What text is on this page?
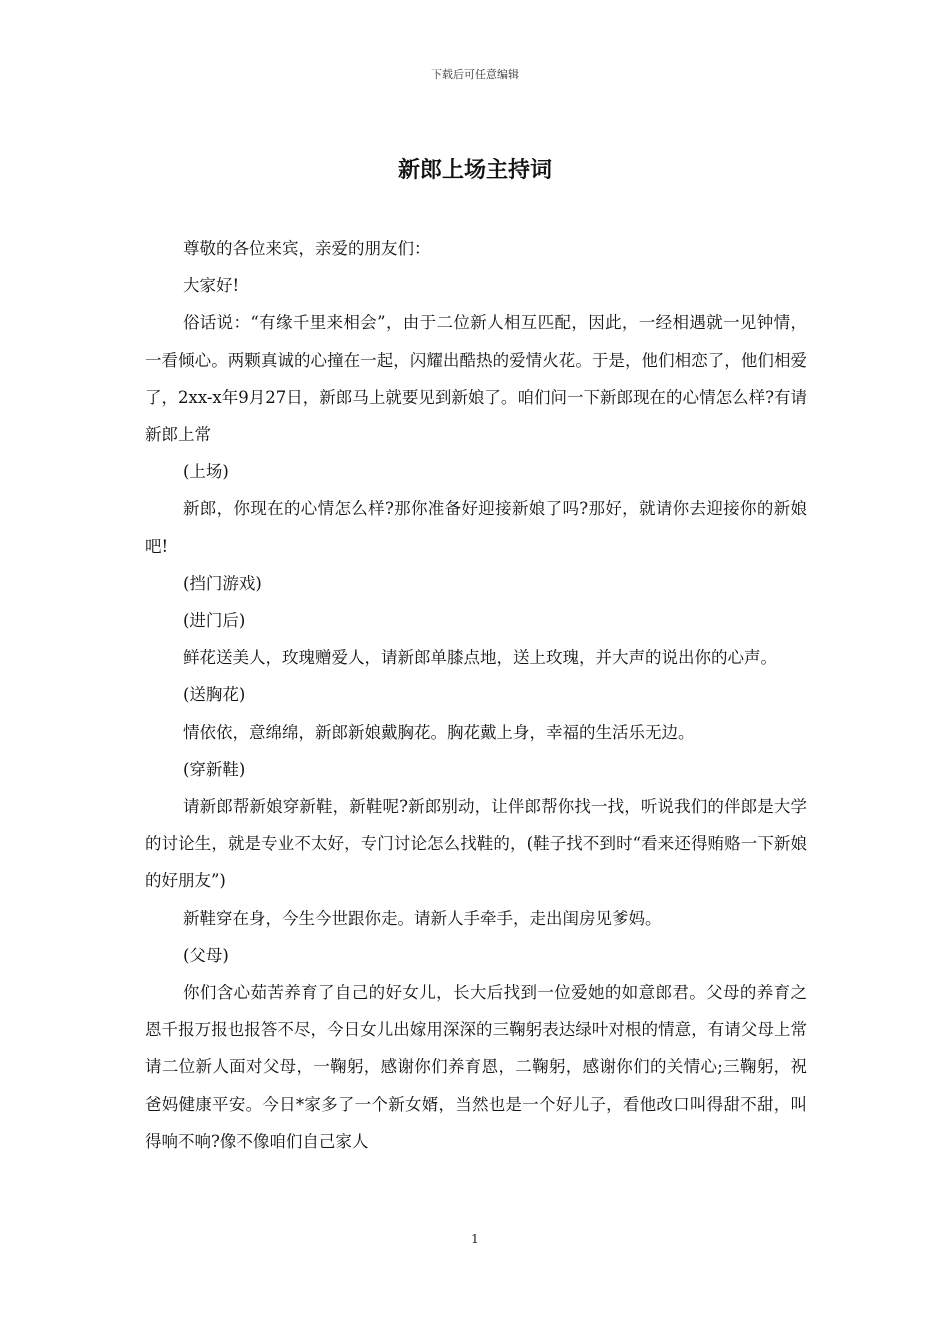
下载后可任意编辑
新郎上场主持词

尊敬的各位来宾，亲爱的朋友们：

大家好!

俗话说：“有缘千里来相会”，由于二位新人相互匹配，因此，一经相遇就一见钟情，一看倾心。两颗真诚的心撞在一起，闪耀出酷热的爱情火花。于是，他们相恋了，他们相爱了，2xx-x年9月27日，新郎马上就要见到新娘了。咱们问一下新郎现在的心情怎么样?有请新郎上常

(上场)

新郎，你现在的心情怎么样?那你准备好迎接新娘了吗?那好，就请你去迎接你的新娘吧!

(挡门游戏)

(进门后)

鲜花送美人，玫瑰赠爱人，请新郎单膝点地，送上玫瑰，并大声的说出你的心声。

(送胸花)

情依依，意绵绵，新郎新娘戴胸花。胸花戴上身，幸福的生活乐无边。

(穿新鞋)

请新郎帮新娘穿新鞋，新鞋呢?新郎别动，让伴郎帮你找一找，听说我们的伴郎是大学的讨论生，就是专业不太好，专门讨论怎么找鞋的，(鞋子找不到时“看来还得贿赂一下新娘的好朋友”)

新鞋穿在身，今生今世跟你走。请新人手牵手，走出闺房见爹妈。

(父母)

你们含心茹苦养育了自己的好女儿，长大后找到一位爱她的如意郎君。父母的养育之恩千报万报也报答不尽，今日女儿出嫁用深深的三鞠躬表达绿叶对根的情意，有请父母上常请二位新人面对父母，一鞠躬，感谢你们养育恩，二鞠躬，感谢你们的关情心;三鞠躬，祝爸妈健康平安。今日*家多了一个新女婿，当然也是一个好儿子，看他改口叫得甜不甜，叫得响不响?像不像咱们自己家人

1
